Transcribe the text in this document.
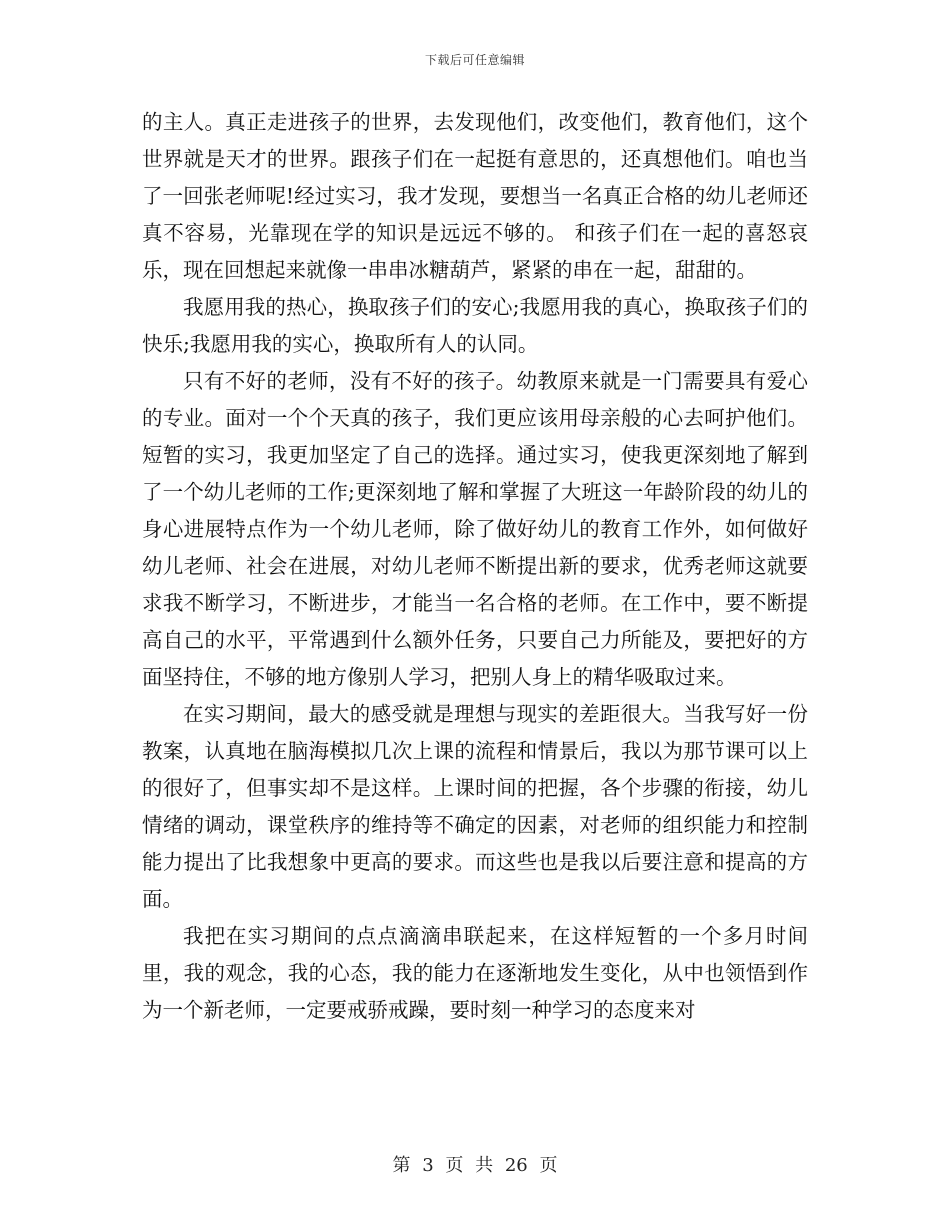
下载后可任意编辑

的主人。真正走进孩子的世界，去发现他们，改变他们，教育他们，这个世界就是天才的世界。跟孩子们在一起挺有意思的，还真想他们。咱也当了一回张老师呢!经过实习，我才发现，要想当一名真正合格的幼儿老师还真不容易，光靠现在学的知识是远远不够的。 和孩子们在一起的喜怒哀乐，现在回想起来就像一串串冰糖葫芦，紧紧的串在一起，甜甜的。

我愿用我的热心，换取孩子们的安心;我愿用我的真心，换取孩子们的快乐;我愿用我的实心，换取所有人的认同。

只有不好的老师，没有不好的孩子。幼教原来就是一门需要具有爱心的专业。面对一个个天真的孩子，我们更应该用母亲般的心去呵护他们。短暂的实习，我更加坚定了自己的选择。通过实习，使我更深刻地了解到了一个幼儿老师的工作;更深刻地了解和掌握了大班这一年龄阶段的幼儿的身心进展特点作为一个幼儿老师，除了做好幼儿的教育工作外，如何做好幼儿老师、社会在进展，对幼儿老师不断提出新的要求，优秀老师这就要求我不断学习，不断进步，才能当一名合格的老师。在工作中，要不断提高自己的水平，平常遇到什么额外任务，只要自己力所能及，要把好的方面坚持住，不够的地方像别人学习，把别人身上的精华吸取过来。

在实习期间，最大的感受就是理想与现实的差距很大。当我写好一份教案，认真地在脑海模拟几次上课的流程和情景后，我以为那节课可以上的很好了，但事实却不是这样。上课时间的把握，各个步骤的衔接，幼儿情绪的调动，课堂秩序的维持等不确定的因素，对老师的组织能力和控制能力提出了比我想象中更高的要求。而这些也是我以后要注意和提高的方面。

我把在实习期间的点点滴滴串联起来，在这样短暂的一个多月时间里，我的观念，我的心态，我的能力在逐渐地发生变化，从中也领悟到作为一个新老师，一定要戒骄戒躁，要时刻一种学习的态度来对

第 3 页 共 26 页
